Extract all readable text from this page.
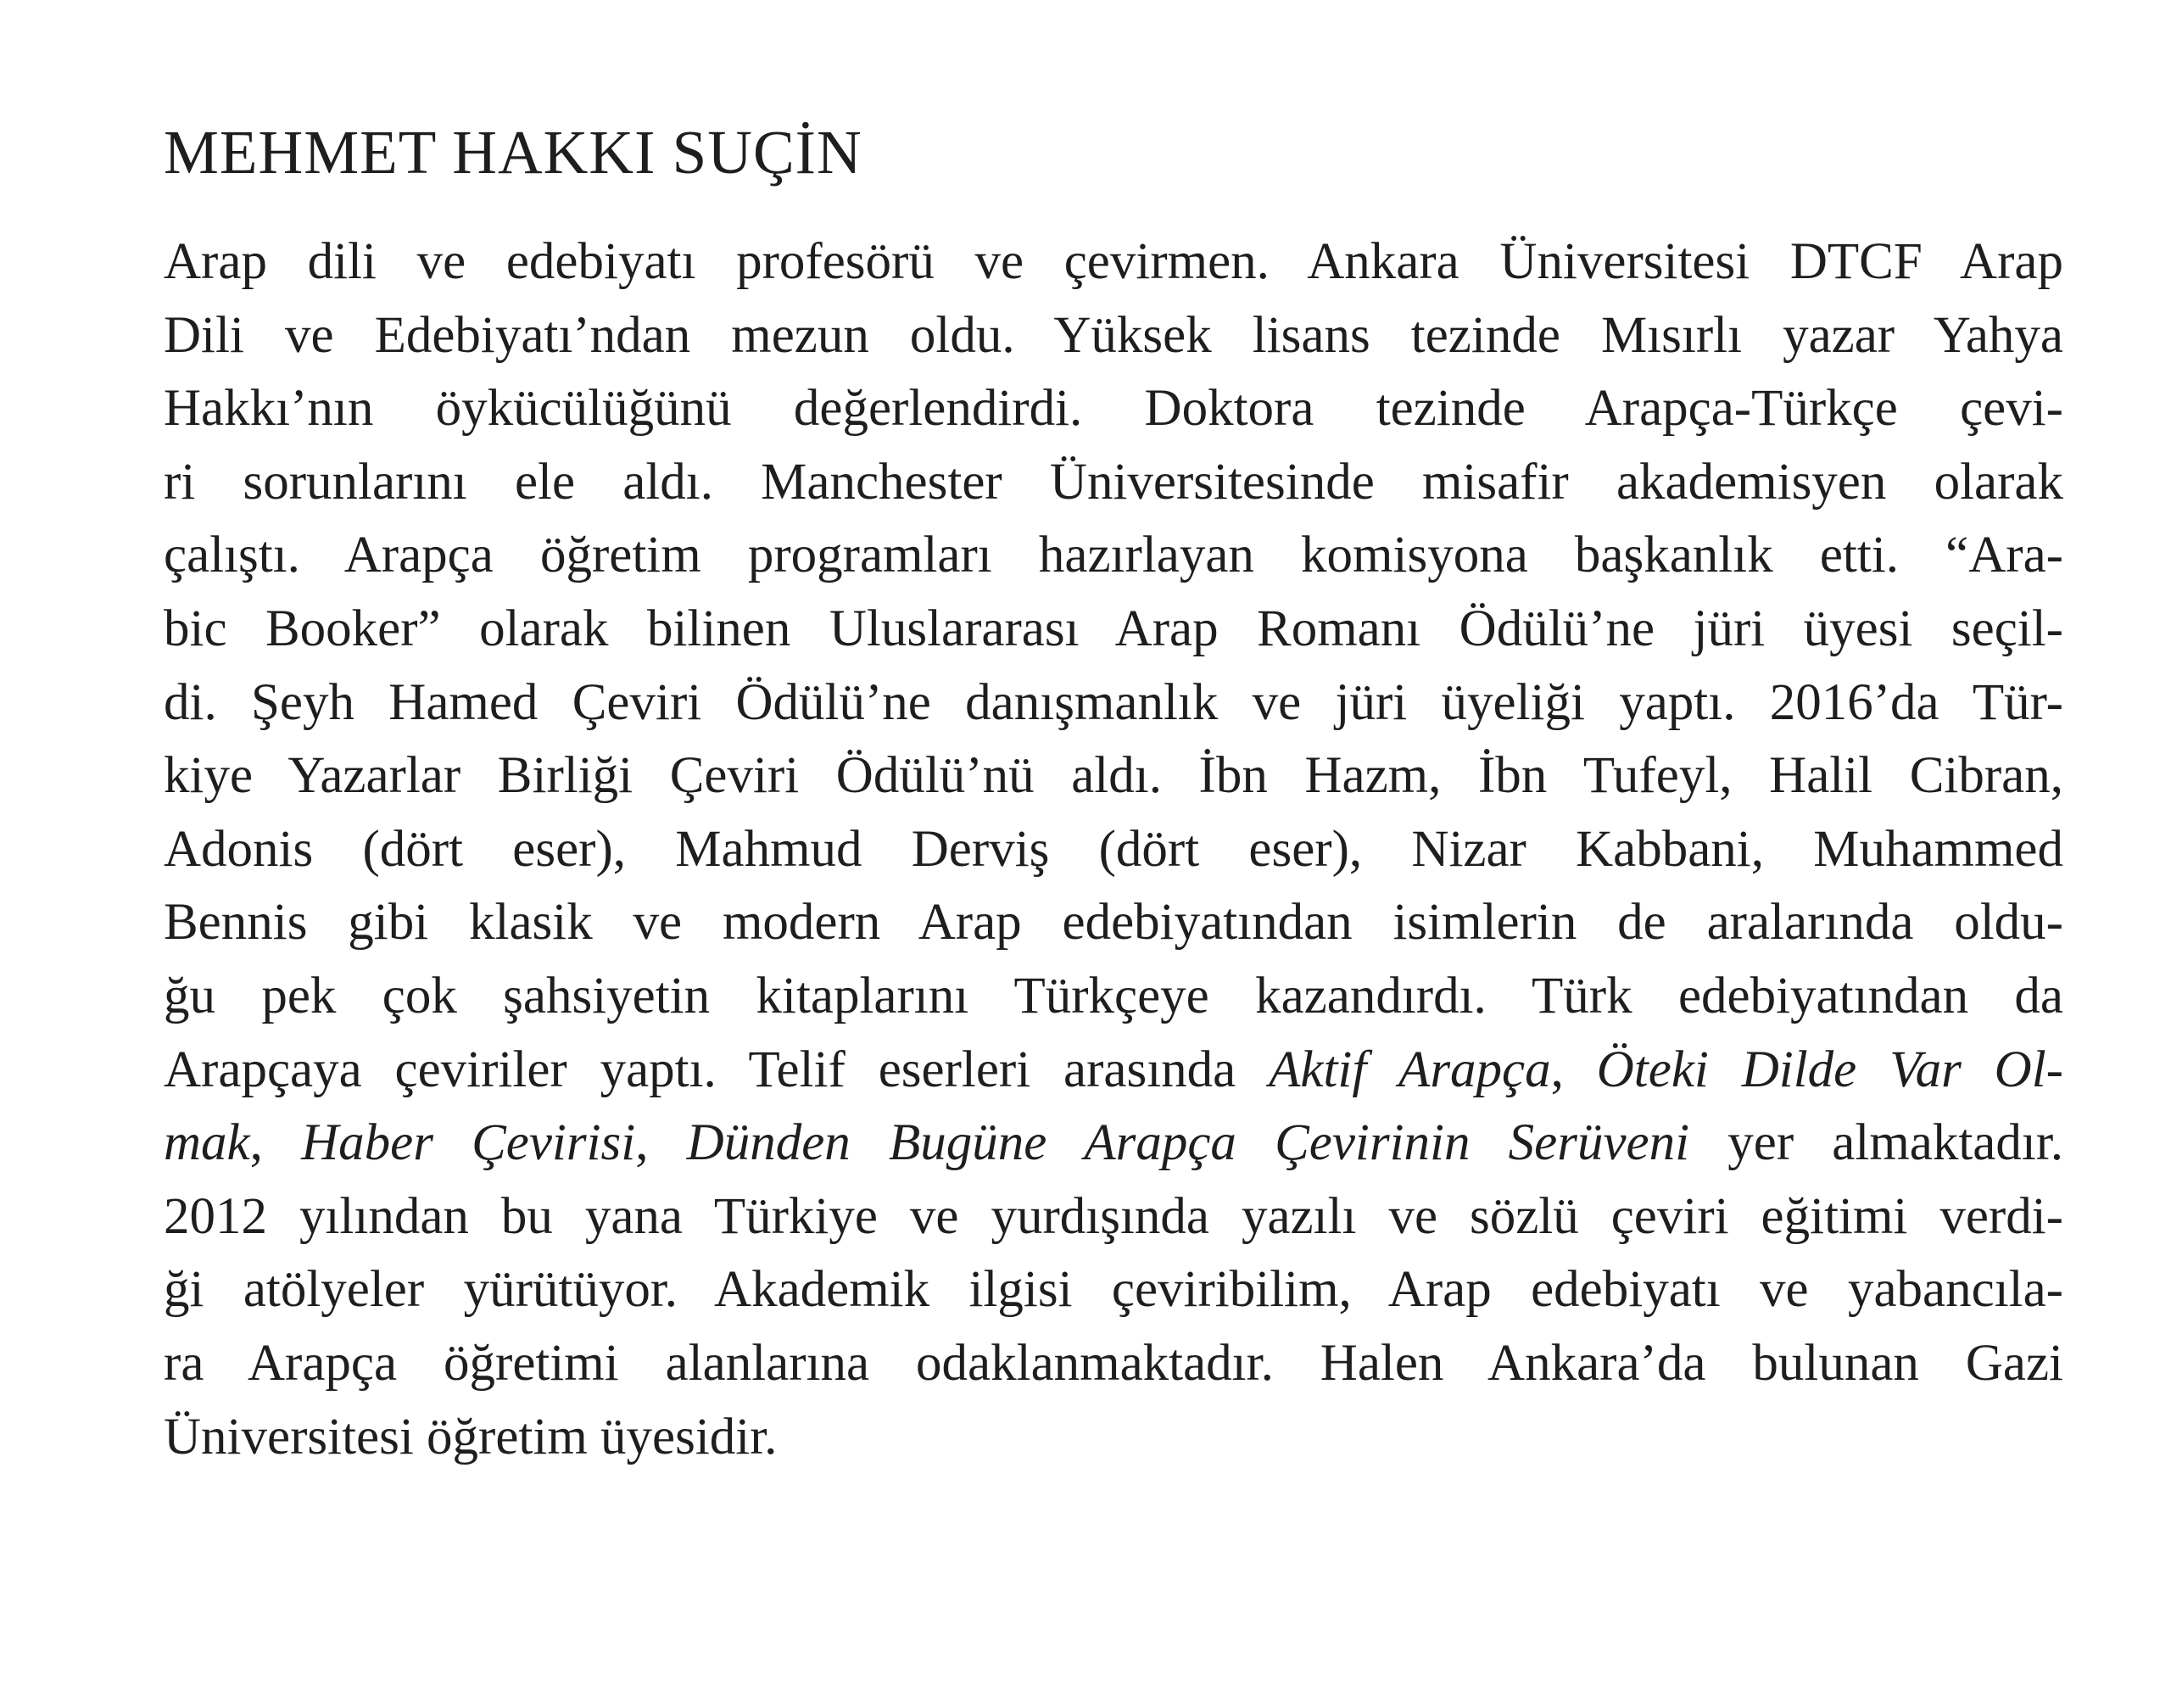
MEHMET HAKKI SUÇİN
Arap dili ve edebiyatı profesörü ve çevirmen. Ankara Üniversitesi DTCF Arap
Dili ve Edebiyatı’ndan mezun oldu. Yüksek lisans tezinde Mısırlı yazar Yahya
Hakkı’nın öykücülüğünü değerlendirdi. Doktora tezinde Arapça-Türkçe çevi-
ri sorunlarını ele aldı. Manchester Üniversitesinde misafir akademisyen olarak
çalıştı. Arapça öğretim programları hazırlayan komisyona başkanlık etti. “Ara-
bic Booker” olarak bilinen Uluslararası Arap Romanı Ödülü’ne jüri üyesi seçil-
di. Şeyh Hamed Çeviri Ödülü’ne danışmanlık ve jüri üyeliği yaptı. 2016’da Tür-
kiye Yazarlar Birliği Çeviri Ödülü’nü aldı. İbn Hazm, İbn Tufeyl, Halil Cibran,
Adonis (dört eser), Mahmud Derviş (dört eser), Nizar Kabbani, Muhammed
Bennis gibi klasik ve modern Arap edebiyatından isimlerin de aralarında oldu-
ğu pek çok şahsiyetin kitaplarını Türkçeye kazandırdı. Türk edebiyatından da
Arapçaya çeviriler yaptı. Telif eserleri arasında Aktif Arapça, Öteki Dilde Var Ol-
mak, Haber Çevirisi, Dünden Bugüne Arapça Çevirinin Serüveni yer almaktadır.
2012 yılından bu yana Türkiye ve yurdışında yazılı ve sözlü çeviri eğitimi verdi-
ği atölyeler yürütüyor. Akademik ilgisi çeviribilim, Arap edebiyatı ve yabancıla-
ra Arapça öğretimi alanlarına odaklanmaktadır. Halen Ankara’da bulunan Gazi
Üniversitesi öğretim üyesidir.
